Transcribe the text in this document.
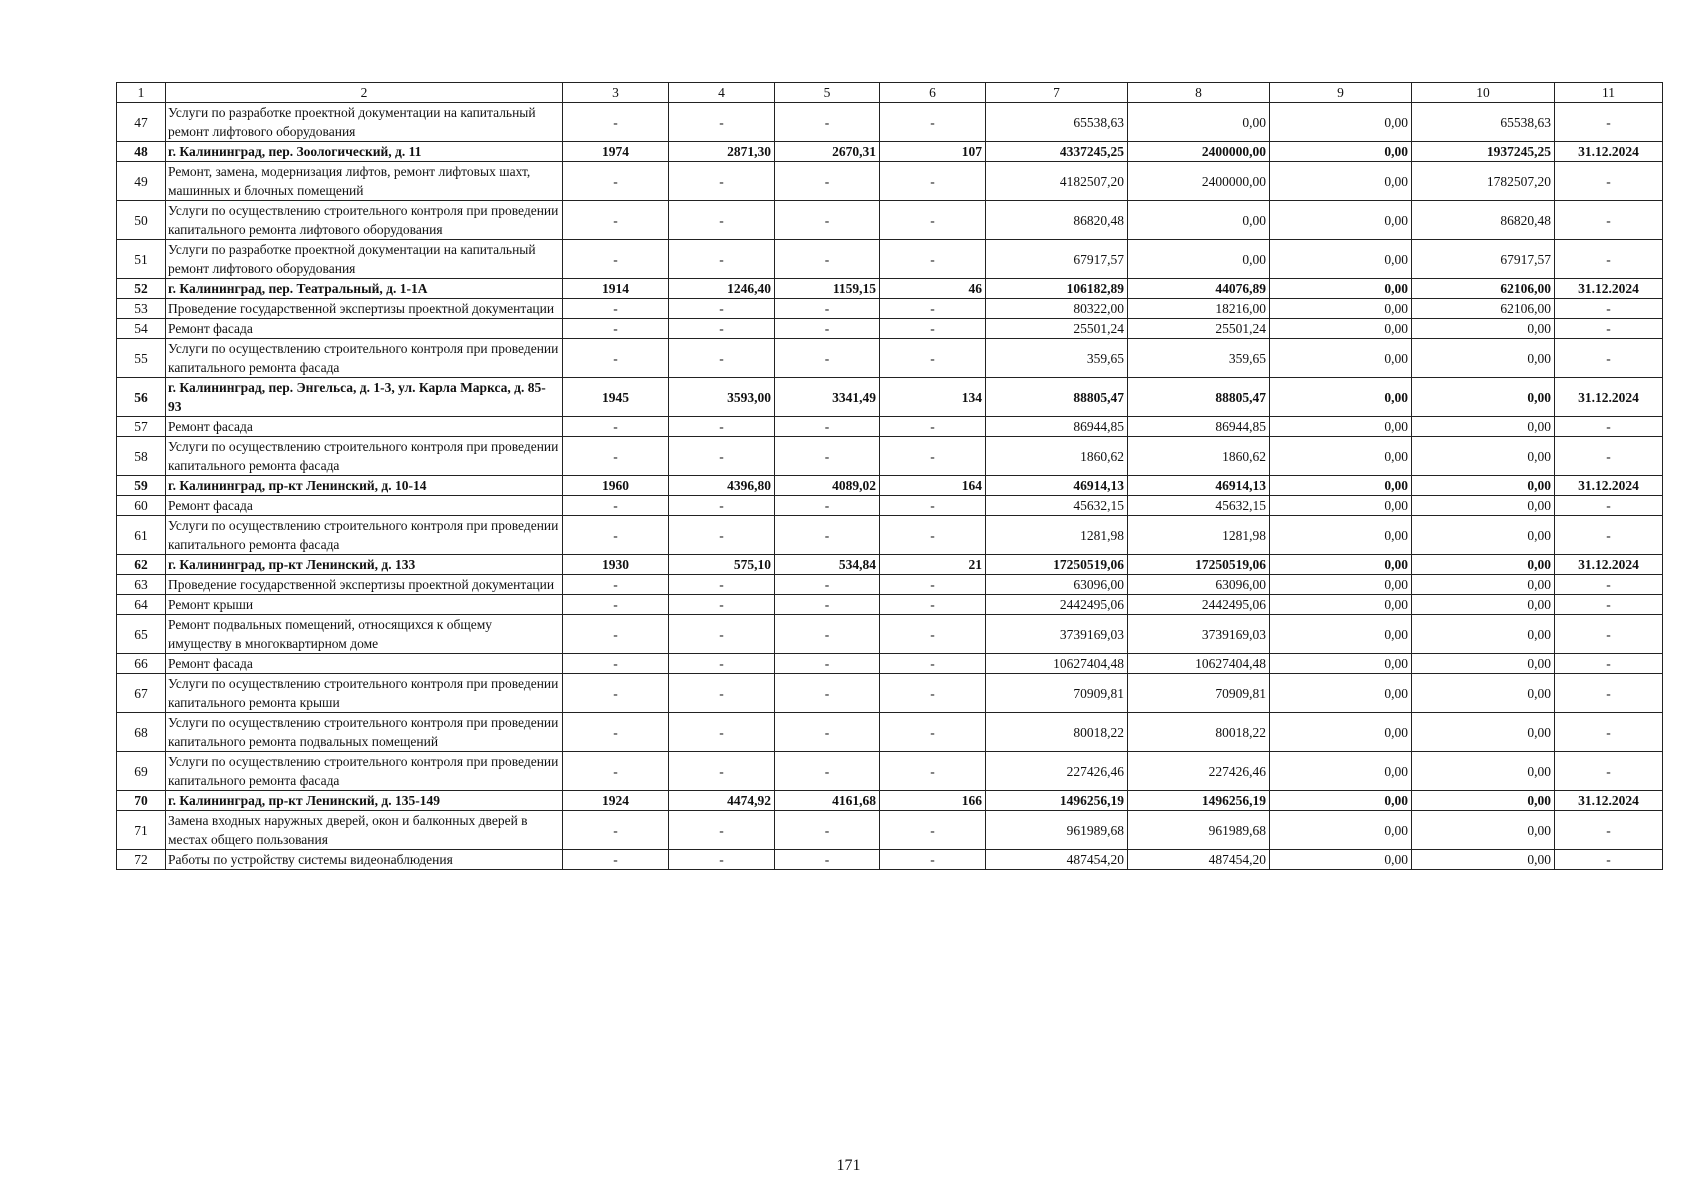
1	2	3	4	5	6	7	8	9	10	11
47	Услуги по разработке проектной документации на капитальный ремонт лифтового оборудования	-	-	-	-	65538,63	0,00	0,00	65538,63	-
48	г. Калининград, пер. Зоологический, д. 11	1974	2871,30	2670,31	107	4337245,25	2400000,00	0,00	1937245,25	31.12.2024
49	Ремонт, замена, модернизация лифтов, ремонт лифтовых шахт, машинных и блочных помещений	-	-	-	-	4182507,20	2400000,00	0,00	1782507,20	-
50	Услуги по осуществлению строительного контроля при проведении капитального ремонта лифтового оборудования	-	-	-	-	86820,48	0,00	0,00	86820,48	-
51	Услуги по разработке проектной документации на капитальный ремонт лифтового оборудования	-	-	-	-	67917,57	0,00	0,00	67917,57	-
52	г. Калининград, пер. Театральный, д. 1-1А	1914	1246,40	1159,15	46	106182,89	44076,89	0,00	62106,00	31.12.2024
53	Проведение государственной экспертизы проектной документации	-	-	-	-	80322,00	18216,00	0,00	62106,00	-
54	Ремонт фасада	-	-	-	-	25501,24	25501,24	0,00	0,00	-
55	Услуги по осуществлению строительного контроля при проведении капитального ремонта фасада	-	-	-	-	359,65	359,65	0,00	0,00	-
56	г. Калининград, пер. Энгельса, д. 1-3, ул. Карла Маркса, д. 85-93	1945	3593,00	3341,49	134	88805,47	88805,47	0,00	0,00	31.12.2024
57	Ремонт фасада	-	-	-	-	86944,85	86944,85	0,00	0,00	-
58	Услуги по осуществлению строительного контроля при проведении капитального ремонта фасада	-	-	-	-	1860,62	1860,62	0,00	0,00	-
59	г. Калининград, пр-кт Ленинский, д. 10-14	1960	4396,80	4089,02	164	46914,13	46914,13	0,00	0,00	31.12.2024
60	Ремонт фасада	-	-	-	-	45632,15	45632,15	0,00	0,00	-
61	Услуги по осуществлению строительного контроля при проведении капитального ремонта фасада	-	-	-	-	1281,98	1281,98	0,00	0,00	-
62	г. Калининград, пр-кт Ленинский, д. 133	1930	575,10	534,84	21	17250519,06	17250519,06	0,00	0,00	31.12.2024
63	Проведение государственной экспертизы проектной документации	-	-	-	-	63096,00	63096,00	0,00	0,00	-
64	Ремонт крыши	-	-	-	-	2442495,06	2442495,06	0,00	0,00	-
65	Ремонт подвальных помещений, относящихся к общему имуществу в многоквартирном доме	-	-	-	-	3739169,03	3739169,03	0,00	0,00	-
66	Ремонт фасада	-	-	-	-	10627404,48	10627404,48	0,00	0,00	-
67	Услуги по осуществлению строительного контроля при проведении капитального ремонта крыши	-	-	-	-	70909,81	70909,81	0,00	0,00	-
68	Услуги по осуществлению строительного контроля при проведении капитального ремонта подвальных помещений	-	-	-	-	80018,22	80018,22	0,00	0,00	-
69	Услуги по осуществлению строительного контроля при проведении капитального ремонта фасада	-	-	-	-	227426,46	227426,46	0,00	0,00	-
70	г. Калининград, пр-кт Ленинский, д. 135-149	1924	4474,92	4161,68	166	1496256,19	1496256,19	0,00	0,00	31.12.2024
71	Замена входных наружных дверей, окон и балконных дверей в местах общего пользования	-	-	-	-	961989,68	961989,68	0,00	0,00	-
72	Работы по устройству системы видеонаблюдения	-	-	-	-	487454,20	487454,20	0,00	0,00	-
171
